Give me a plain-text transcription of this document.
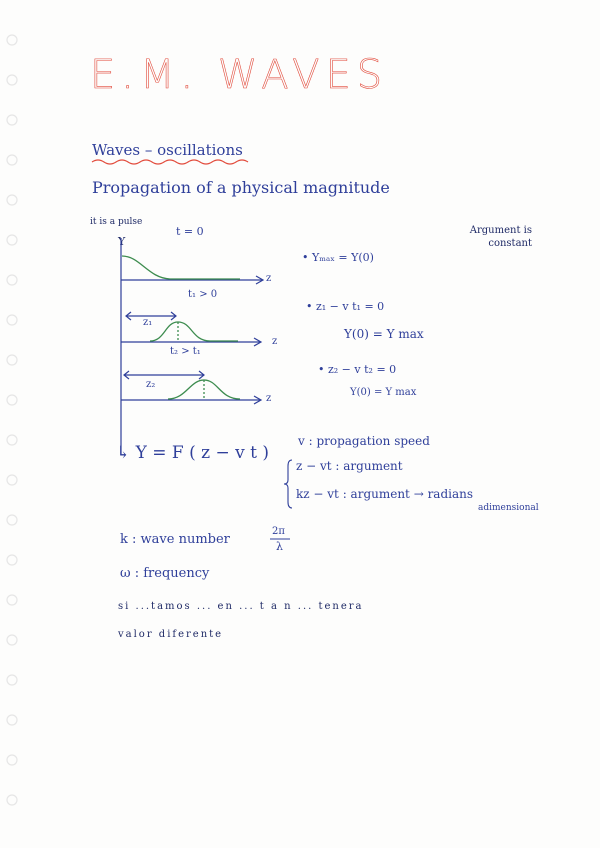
E.M. WAVES
Waves – oscillations
Propagation of a physical magnitude
it is a pulse
Y
t = 0
z
t₁ > 0
z₁
z
t₂ > t₁
z₂
z
↳ Y = F ( z − v t )
Argument is constant
• Yₘₐₓ = Y(0)
• z₁ − v t₁ = 0
Y(0) = Y max
• z₂ − v t₂ = 0
Y(0) = Y max
v : propagation speed
z − vt : argument
kz − vt : argument → radians
adimensional
k : wave number
2π
λ
ω : frequency
si ...tamos ... en ... t a n ... tenera
valor diferente
